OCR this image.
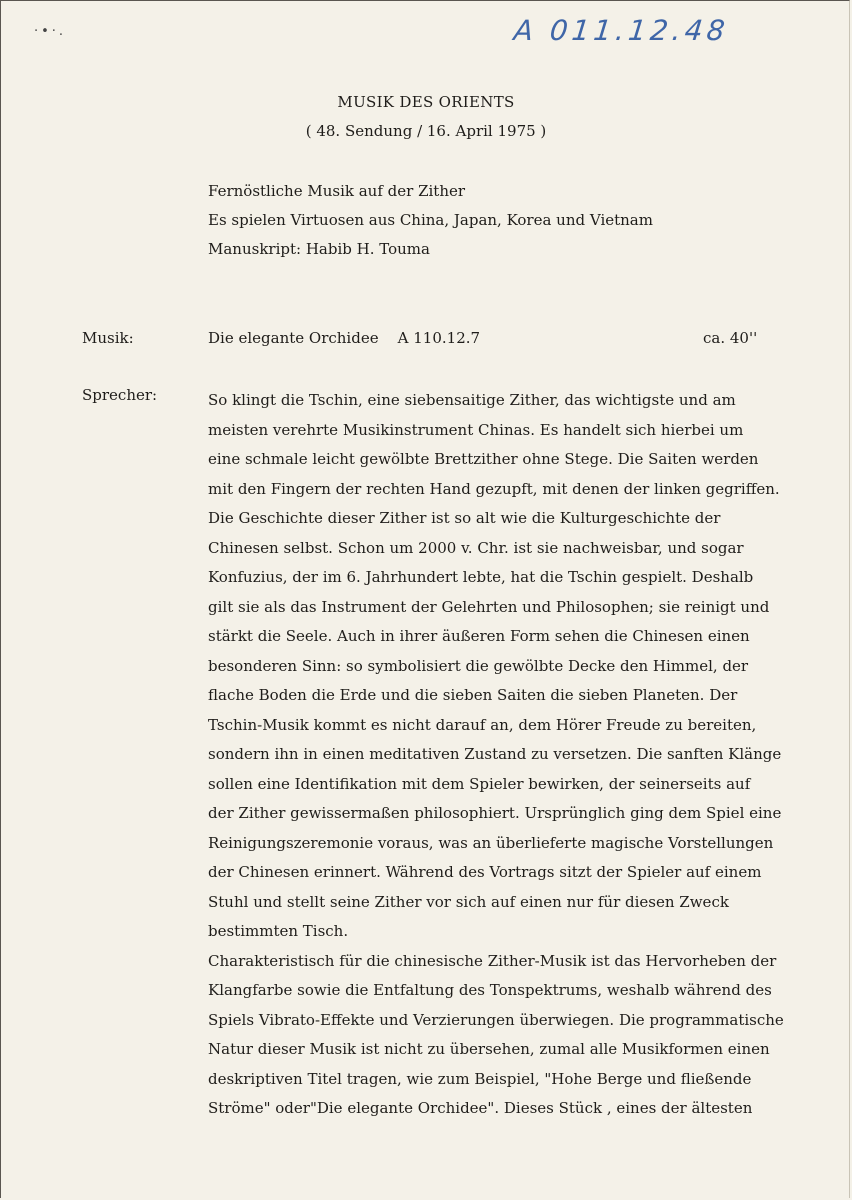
·•·.	A 011.12.48
MUSIK DES ORIENTS
( 48. Sendung / 16. April 1975 )
Fernöstliche Musik auf der Zither
Es spielen Virtuosen aus China, Japan, Korea und Vietnam
Manuskript: Habib H. Touma
Musik:	Die elegante Orchidee    A 110.12.7	ca. 40''
Sprecher:	So klingt die Tschin, eine siebensaitige Zither, das wichtigste und am
meisten verehrte Musikinstrument Chinas. Es handelt sich hierbei um
eine schmale leicht gewölbte Brettzither ohne Stege. Die Saiten werden
mit den Fingern der rechten Hand gezupft, mit denen der linken gegriffen.
Die Geschichte dieser Zither ist so alt wie die Kulturgeschichte der
Chinesen selbst. Schon um 2000 v. Chr. ist sie nachweisbar, und sogar
Konfuzius, der im 6. Jahrhundert lebte, hat die Tschin gespielt. Deshalb
gilt sie als das Instrument der Gelehrten und Philosophen; sie reinigt und
stärkt die Seele. Auch in ihrer äußeren Form sehen die Chinesen einen
besonderen Sinn: so symbolisiert die gewölbte Decke den Himmel, der
flache Boden die Erde und die sieben Saiten die sieben Planeten. Der
Tschin-Musik kommt es nicht darauf an, dem Hörer Freude zu bereiten,
sondern ihn in einen meditativen Zustand zu versetzen. Die sanften Klänge
sollen eine Identifikation mit dem Spieler bewirken, der seinerseits auf
der Zither gewissermaßen philosophiert. Ursprünglich ging dem Spiel eine
Reinigungszeremonie voraus, was an überlieferte magische Vorstellungen
der Chinesen erinnert. Während des Vortrags sitzt der Spieler auf einem
Stuhl und stellt seine Zither vor sich auf einen nur für diesen Zweck
bestimmten Tisch.
Charakteristisch für die chinesische Zither-Musik ist das Hervorheben der
Klangfarbe sowie die Entfaltung des Tonspektrums, weshalb während des
Spiels Vibrato-Effekte und Verzierungen überwiegen. Die programmatische
Natur dieser Musik ist nicht zu übersehen, zumal alle Musikformen einen
deskriptiven Titel tragen, wie zum Beispiel, "Hohe Berge und fließende
Ströme" oder"Die elegante Orchidee". Dieses Stück , eines der ältesten
